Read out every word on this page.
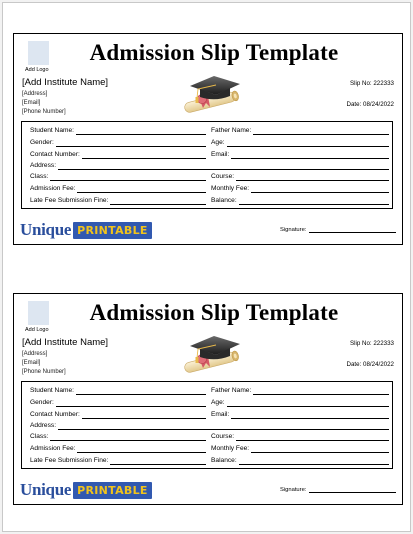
Add Logo
Admission Slip Template
[Add Institute Name]
[Address]
[Email]
[Phone Number]
Slip No: 222333
Date: 08/24/2022
Student Name:	Father Name:
Gender:	Age:
Contact Number:	Email:
Address:
Class:	Course:
Admission Fee:	Monthly Fee:
Late Fee Submission Fine:	Balance:
Unique PRINTABLE	Signature:
Add Logo
Admission Slip Template
[Add Institute Name]
[Address]
[Email]
[Phone Number]
Slip No: 222333
Date: 08/24/2022
Student Name:	Father Name:
Gender:	Age:
Contact Number:	Email:
Address:
Class:	Course:
Admission Fee:	Monthly Fee:
Late Fee Submission Fine:	Balance:
Unique PRINTABLE	Signature:
